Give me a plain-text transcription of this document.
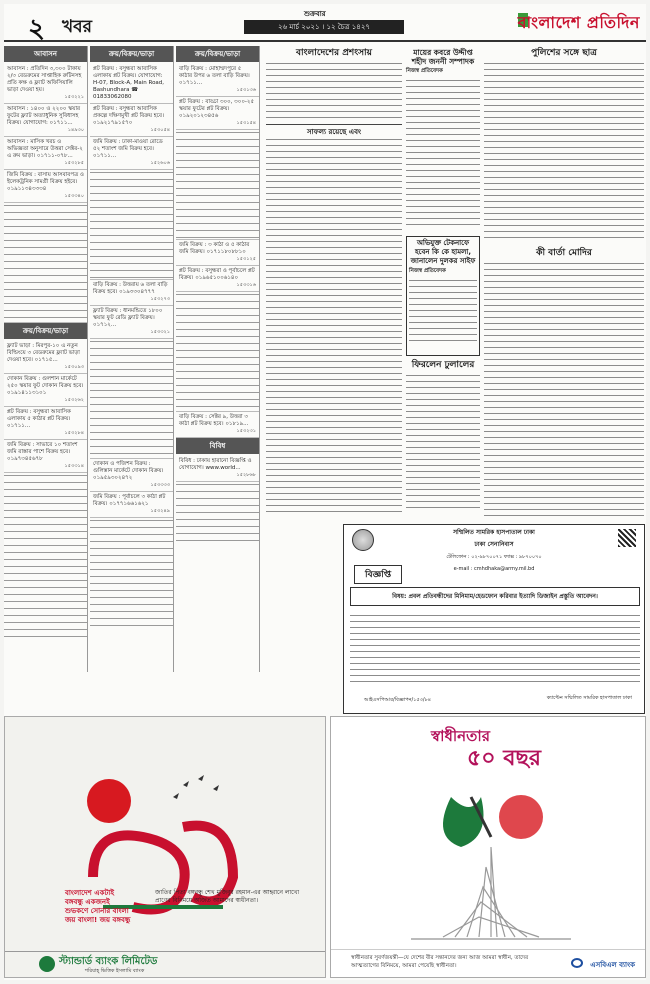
২ খবর
শুক্রবার
২৬ মার্চ ২০২১ । ১২ চৈত্র ১৪২৭	বাংলাদেশ প্রতিদিন
আবাসন
আবাসন : প্রতিদিন ৩,৩০০ টাকায় ২/৩ বেডরুমের সাপ্তাহিক রুটিনসহ প্রতি কক্ষ ও ফ্ল্যাট অফিসিয়ালি ভাড়া দেওয়া হয়।
১৫৩২২১
আবাসন : ১৪০০ ও ২২০০ স্কয়ার ফুটের ফ্ল্যাট অত্যাধুনিক সুবিধাসহ বিক্রয়। যোগাযোগ: ০১৭১১...
১৪৯৩০
আবাসন : মাসিক খরচ ও অভিজ্ঞতা অনুসারে উত্তরা সেক্টর-২ এ রুম ভাড়া। ০১৭১১-০৭৮...
১৫৩২৮৫
জিমি বিক্রয় : বাসায় আসবাবপত্র ও ইলেকট্রনিক সামগ্রী বিক্রয় হইবে। ০১৯১১৩৪৩৩৩৪
১৫৩৩৪০
ক্রয়/বিক্রয়/ভাড়া
ফ্ল্যাট ভাড়া : মিরপুর-১০ এ নতুন বিল্ডিংয়ে ৩ বেডরুমের ফ্ল্যাট ভাড়া দেওয়া হবে। ০১৭১৫...
১৫৩০৯৩
দোকান বিক্রয় : গুলশান মার্কেটে ২৫০ স্কয়ার ফুট দোকান বিক্রয় হবে। ০১৯১৪১১৩১০১
১৫৩২৬২
প্লট বিক্রয় : বসুন্ধরা আবাসিক এলাকায় ৫ কাঠার প্লট বিক্রয়। ০১৭১১...
১৫৩২৮৪
জমি বিক্রয় : সাভারে ১০ শতাংশ জমি রাস্তার পাশে বিক্রয় হবে। ০১৯৭৩৪৫৬৭৮
১৫৩৩১৪
ক্রয়/বিক্রয়/ভাড়া
প্লট বিক্রয় : বসুন্ধরা আবাসিক এলাকায় প্লট বিক্রয়। যোগাযোগ: H-07, Block-A, Main Road, Bashundhara ☎ 01833062080
প্লট বিক্রয় : বসুন্ধরা আবাসিক প্রকল্পে দক্ষিণমুখী প্লট বিক্রয় হবে। ০১৯২১৭৯১৫৭০
১৫৩০৫৪
জমি বিক্রয় : ঢাকা-মাওয়া রোডে ৫২ শতাংশ জমি বিক্রয় হবে। ০১৭১১...
১৫২৬০৬
বাড়ি বিক্রয় : উত্তরায় ৬ তলা বাড়ি বিক্রয় হবে। ০১৯৩৩০৪৭৭৭
১৫৩২৭৩
ফ্ল্যাট বিক্রয় : ধানমন্ডিতে ১৮০০ স্কয়ার ফুট রেডি ফ্ল্যাট বিক্রয়। ০১৭১২...
১৫৩৩২১
দোকান ও পজিশন বিক্রয় : গুলিস্তান মার্কেটে দোকান বিক্রয়। ০১৯৫৯৩০২৪৭২
১৫৩৩৩৩
জমি বিক্রয় : পূর্বাচলে ৩ কাঠা প্লট বিক্রয়। ০১৭৭১৬৬১৬২১
১৫৩২৪৯
ক্রয়/বিক্রয়/ভাড়া
বাড়ি বিক্রয় : মোহাম্মদপুরে ৫ কাঠার উপর ৬ তলা বাড়ি বিক্রয়। ০১৭১১...
১৫৩১৩৬
প্লট বিক্রয় : বাড্ডা ৩০০, ৩০০-২৫ স্কয়ার ফুটের প্লট বিক্রয়। ০১৯২০১২৩৪৫৬
১৫৩১৫৪
জমি বিক্রয় : ৩ কাঠা ও ৫ কাঠার জমি বিক্রয়। ০১৭১১৮০৮৮১০
১৫৩১২৫
প্লট বিক্রয় : বসুন্ধরা ও পূর্বাচলে প্লট বিক্রয়। ০১৯৬৫১০০৬১৪০
১৫৩৩১৬
বাড়ি বিক্রয় : সেক্টর ৯, উত্তরা ৩ কাঠা প্লট বিক্রয় হবে। ০১৮১৯...
১৫৩২৩১
বিবিধ
বিবিধ : ঢাকায় হারানো বিজ্ঞপ্তি ও যোগাযোগ। www.world...
১৫২৮৬৮
বাংলাদেশের প্রশংসায়
সাফল্য রয়েছে এবং
মায়ের কবরে উদ্দীপ্ত শহীদ জননী সম্পাদক
নিজস্ব প্রতিবেদক
অভিযুক্ত টেকনাফে হবেন কি কে হামলা, জানালেন দুলকর সাইফ
নিজস্ব প্রতিবেদক
ফিরলেন ঢুলালের
পুলিশের সঙ্গে ছাত্র
কী বার্তা মোদির
সম্মিলিত সামরিক হাসপাতাল ঢাকা
ঢাকা সেনানিবাস
টেলিফোন : ০২-৯৮৭০০৭১ ফ্যাক্স : ৯৮৭০০৭০
e-mail : cmhdhaka@army.mil.bd
বিজ্ঞপ্তি
বিষয়: প্রবল প্রতিবন্ধীদের মিনিমাম/হেডফোন করিবার ইত্যাদি ডিজাইন প্রস্তুতি আবেদন।
আইএসপিআর/বিজ্ঞাপন/১৫৩/৮৪	ক্যাপ্টেন সম্মিলিত সামরিক হাসপাতাল ঢাকা
বাংলাদেশ একটাই
বঙ্গবন্ধু একজনই
শুভকণে সোনার বাংলা
জয় বাংলা! জয় বঙ্গবন্ধু
জাতির পিতা বঙ্গবন্ধু শেখ মুজিবুর রহমান-এর আহ্বানে লাখো প্রাণের বিনিময়ে অর্জিত আমাদের স্বাধীনতা।
স্ট্যান্ডার্ড ব্যাংক লিমিটেড
শরিয়াহ্ ভিত্তিক ইসলামি ব্যাংক
স্বাধীনতার
৫০ বছর
স্বাধীনতার সুবর্ণজয়ন্তী—যে দেশের বীর সন্তানদের জন্য আজ আমরা স্বাধীন, তাদের আত্মত্যাগের বিনিময়ে, আমরা পেয়েছি স্বাধীনতা।	এসবিএল ব্যাংক
